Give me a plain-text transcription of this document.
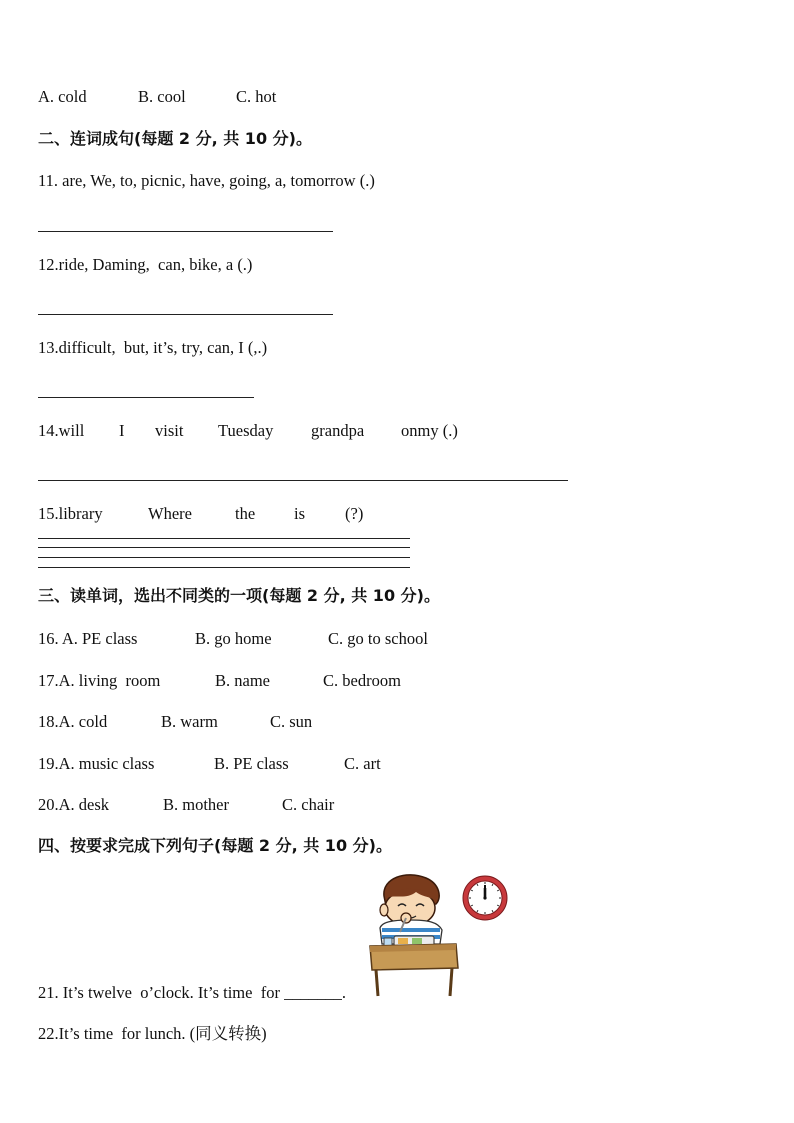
A. cold

	B. cool

	C. hot

二、连词成句(每题 2 分, 共 10 分)。
11. are, We, to, picnic, have, going, a, tomorrow (.)
12.ride, Daming,  can, bike, a (.)
13.difficult,  but, it’s, try, can, I (,.)

14.will

I

visit

Tuesday

grandpa

onmy (.)

15.library

	Where

	the

is

(?)

三、读单词，选出不同类的一项(每题 2 分, 共 10 分)。

16. A. PE class

	B. go home

	C. go to school

17.A. living  room

	B. name

	C. bedroom

18.A. cold

	B. warm

	C. sun

19.A. music class

	B. PE class

	C. art

20.A. desk

	B. mother

	C. chair

四、按要求完成下列句子(每题 2 分, 共 10 分)。
21. It’s twelve  o’clock. It’s time  for _______.
22.It’s time  for lunch. (同义转换)
